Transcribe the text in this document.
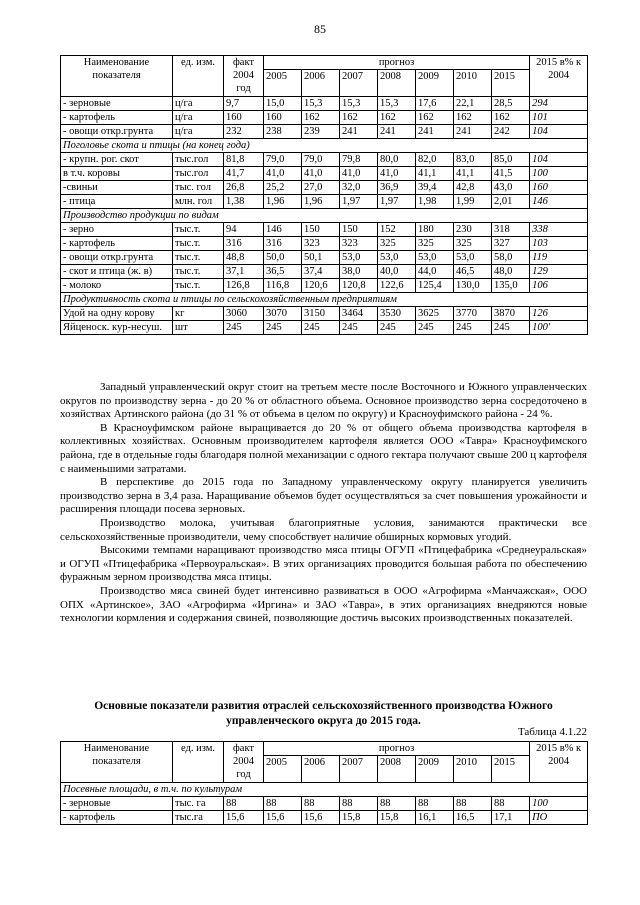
85
Наименование показателя	ед. изм.	факт 2004 год	прогноз							2015 в% к 2004
			2005	2006	2007	2008	2009	2010	2015	
- зерновые	ц/га	9,7	15,0	15,3	15,3	15,3	17,6	22,1	28,5	294
- картофель	ц/га	160	160	162	162	162	162	162	162	101
- овощи откр.грунта	ц/га	232	238	239	241	241	241	241	242	104
Поголовье скота и птицы (на конец года)										
- крупн. рог. скот	тыс.гол	81,8	79,0	79,0	79,8	80,0	82,0	83,0	85,0	104
в т.ч. коровы	тыс.гол	41,7	41,0	41,0	41,0	41,0	41,1	41,1	41,5	100
-свиньи	тыс. гол	26,8	25,2	27,0	32,0	36,9	39,4	42,8	43,0	160
- птица	млн. гол	1,38	1,96	1,96	1,97	1,97	1,98	1,99	2,01	146
Производство продукции по видам										
- зерно	тыс.т.	94	146	150	150	152	180	230	318	338
- картофель	тыс.т.	316	316	323	323	325	325	325	327	103
- овощи откр.грунта	тыс.т.	48,8	50,0	50,1	53,0	53,0	53,0	53,0	58,0	119
- скот и птица (ж. в)	тыс.т.	37,1	36,5	37,4	38,0	40,0	44,0	46,5	48,0	129
- молоко	тыс.т.	126,8	116,8	120,6	120,8	122,6	125,4	130,0	135,0	106
Продуктивность скота и птицы по сельскохозяйственным предприятиям										
Удой на одну корову	кг	3060	3070	3150	3464	3530	3625	3770	3870	126
Яйценоск. кур-несуш.	шт	245	245	245	245	245	245	245	245	100'

Западный управленческий округ стоит на третьем месте после Восточного и Южного управленческих округов по производству зерна - до 20 % от областного объема. Основное производство зерна сосредоточено в хозяйствах Артинского района (до 31 % от объема в целом по округу) и Красноуфимского района - 24 %.

В Красноуфимском районе выращивается до 20 % от общего объема производства картофеля в коллективных хозяйствах. Основным производителем картофеля является ООО «Тавра» Красноуфимского района, где в отдельные годы благодаря полной механизации с одного гектара получают свыше 200 ц картофеля с наименьшими затратами.

В перспективе до 2015 года по Западному управленческому округу планируется увеличить производство зерна в 3,4 раза. Наращивание объемов будет осуществляться за счет повышения урожайности и расширения площади посева зерновых.

Производство молока, учитывая благоприятные условия, занимаются практически все сельскохозяйственные производители, чему способствует наличие обширных кормовых угодий.

Высокими темпами наращивают производство мяса птицы ОГУП «Птицефабрика «Среднеуральская» и ОГУП «Птицефабрика «Первоуральская». В этих организациях проводится большая работа по обеспечению фуражным зерном производства мяса птицы.

Производство мяса свиней будет интенсивно развиваться в ООО «Агрофирма «Манчажская», ООО ОПХ «Артинское», ЗАО «Агрофирма «Иргина» и ЗАО «Тавра», в этих организациях внедряются новые технологии кормления и содержания свиней, позволяющие достичь высоких производственных показателей.

Основные показатели развития отраслей сельскохозяйственного производства Южного управленческого округа до 2015 года.
Таблица 4.1.22
Наименование показателя	ед. изм.	факт 2004 год	прогноз							2015 в% к 2004
			2005	2006	2007	2008	2009	2010	2015	
Посевные площади, в т.ч. по культурам										
- зерновые	тыс. га	88	88	88	88	88	88	88	88	100
- картофель	тыс.га	15,6	15,6	15,6	15,8	15,8	16,1	16,5	17,1	ПО
